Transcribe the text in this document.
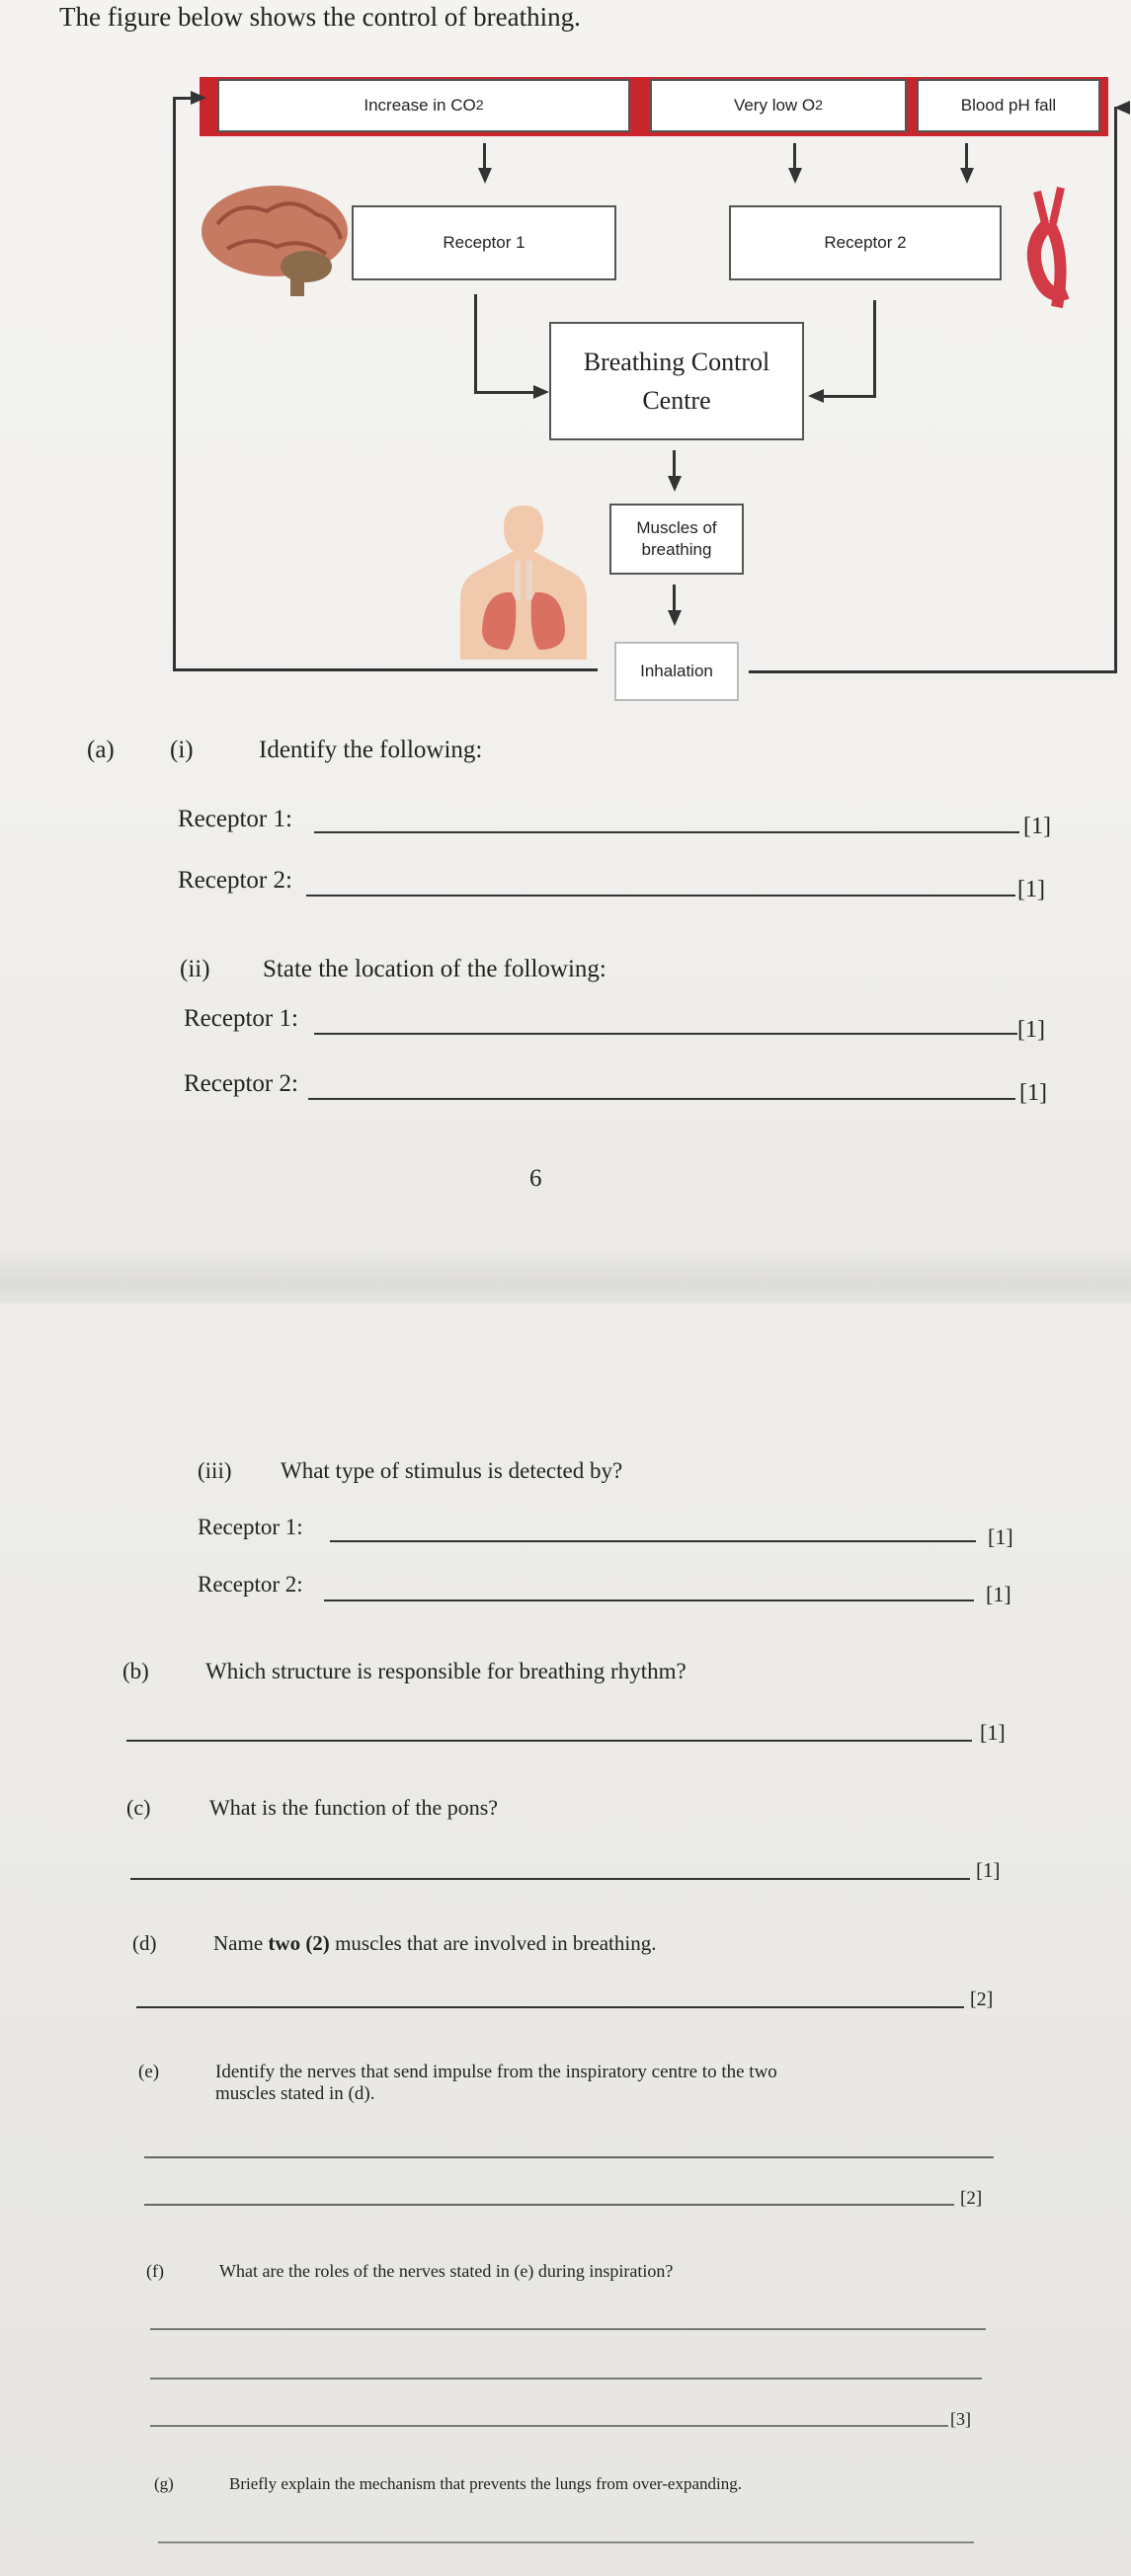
The figure below shows the control of breathing.
Increase in CO 2	Very low O 2	Blood pH fall
Receptor 1	Receptor 2
Breathing Control
Centre
Muscles of
breathing
Inhalation
(a) (i)	Identify the following:
Receptor 1:	[1]
Receptor 2:	[1]
(ii) State the location of the following:
Receptor 1:	[1]
Receptor 2:	[1]
6
(iii) What type of stimulus is detected by?
Receptor 1:	[1]
Receptor 2:	[1]
(b) Which structure is responsible for breathing rhythm?
[1]
(c)	What is the function of the pons?
[1]
(d)	Name two (2) muscles that are involved in breathing.
[2]
(e)	Identify the nerves that send impulse from the inspiratory centre to the two
muscles stated in (d).
[2]
(f)	What are the roles of the nerves stated in (e) during inspiration?
[3]
(g)	Briefly explain the mechanism that prevents the lungs from over-expanding.
